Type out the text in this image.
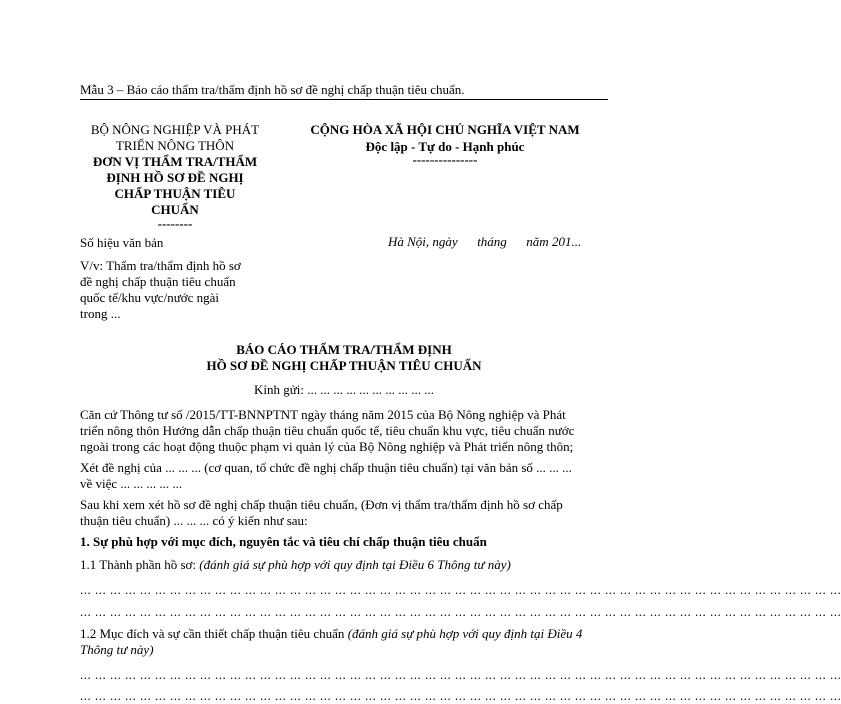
Mẫu 3 – Báo cáo thẩm tra/thẩm định hồ sơ đề nghị chấp thuận tiêu chuẩn.
BỘ NÔNG NGHIỆP VÀ PHÁT
TRIỂN NÔNG THÔN
ĐƠN VỊ THẨM TRA/THẨM
ĐỊNH HỒ SƠ ĐỀ NGHỊ
CHẤP THUẬN TIÊU
CHUẨN
--------
Số hiệu văn bản
V/v: Thẩm tra/thẩm định hồ sơ
đề nghị chấp thuận tiêu chuẩn
quốc tế/khu vực/nước ngài
trong ...
CỘNG HÒA XÃ HỘI CHỦ NGHĨA VIỆT NAM
Độc lập - Tự do - Hạnh phúc
---------------
Hà Nội, ngày      tháng      năm 201...
BÁO CÁO THẨM TRA/THẨM ĐỊNH
HỒ SƠ ĐỀ NGHỊ CHẤP THUẬN TIÊU CHUẨN
Kính gửi: ... ... ... ... ... ... ... ... ... ...
Căn cứ Thông tư số /2015/TT-BNNPTNT ngày tháng năm 2015 của Bộ Nông nghiệp và Phát
triển nông thôn Hướng dẫn chấp thuận tiêu chuẩn quốc tế, tiêu chuẩn khu vực, tiêu chuẩn nước
ngoài trong các hoạt động thuộc phạm vi quản lý của Bộ Nông nghiệp và Phát triển nông thôn;
Xét đề nghị của ... ... ... (cơ quan, tổ chức đề nghị chấp thuận tiêu chuẩn) tại văn bản số ... ... ...
về việc ... ... ... ... ...
Sau khi xem xét hồ sơ đề nghị chấp thuận tiêu chuẩn, (Đơn vị thẩm tra/thẩm định hồ sơ chấp
thuận tiêu chuẩn) ... ... ... có ý kiến như sau:
1. Sự phù hợp với mục đích, nguyên tắc và tiêu chí chấp thuận tiêu chuẩn
1.1 Thành phần hồ sơ: (đánh giá sự phù hợp với quy định tại Điều 6 Thông tư này)
... ... ... ... ... ... ... ... ... ... ... ... ... ... ... ... ... ... ... ... ... ... ... ... ... ... ... ... ... ... ... ... ... ... ... ... ... ... ... ... ... ... ... ... ... ... ... ... ... ... ...
... ... ... ... ... ... ... ... ... ... ... ... ... ... ... ... ... ... ... ... ... ... ... ... ... ... ... ... ... ... ... ... ... ... ... ... ... ... ... ... ... ... ... ... ... ... ... ... ... ... ...
1.2 Mục đích và sự cần thiết chấp thuận tiêu chuẩn (đánh giá sự phù hợp với quy định tại Điều 4
Thông tư này)
... ... ... ... ... ... ... ... ... ... ... ... ... ... ... ... ... ... ... ... ... ... ... ... ... ... ... ... ... ... ... ... ... ... ... ... ... ... ... ... ... ... ... ... ... ... ... ... ... ... ...
... ... ... ... ... ... ... ... ... ... ... ... ... ... ... ... ... ... ... ... ... ... ... ... ... ... ... ... ... ... ... ... ... ... ... ... ... ... ... ... ... ... ... ... ... ... ... ... ... ... ...
